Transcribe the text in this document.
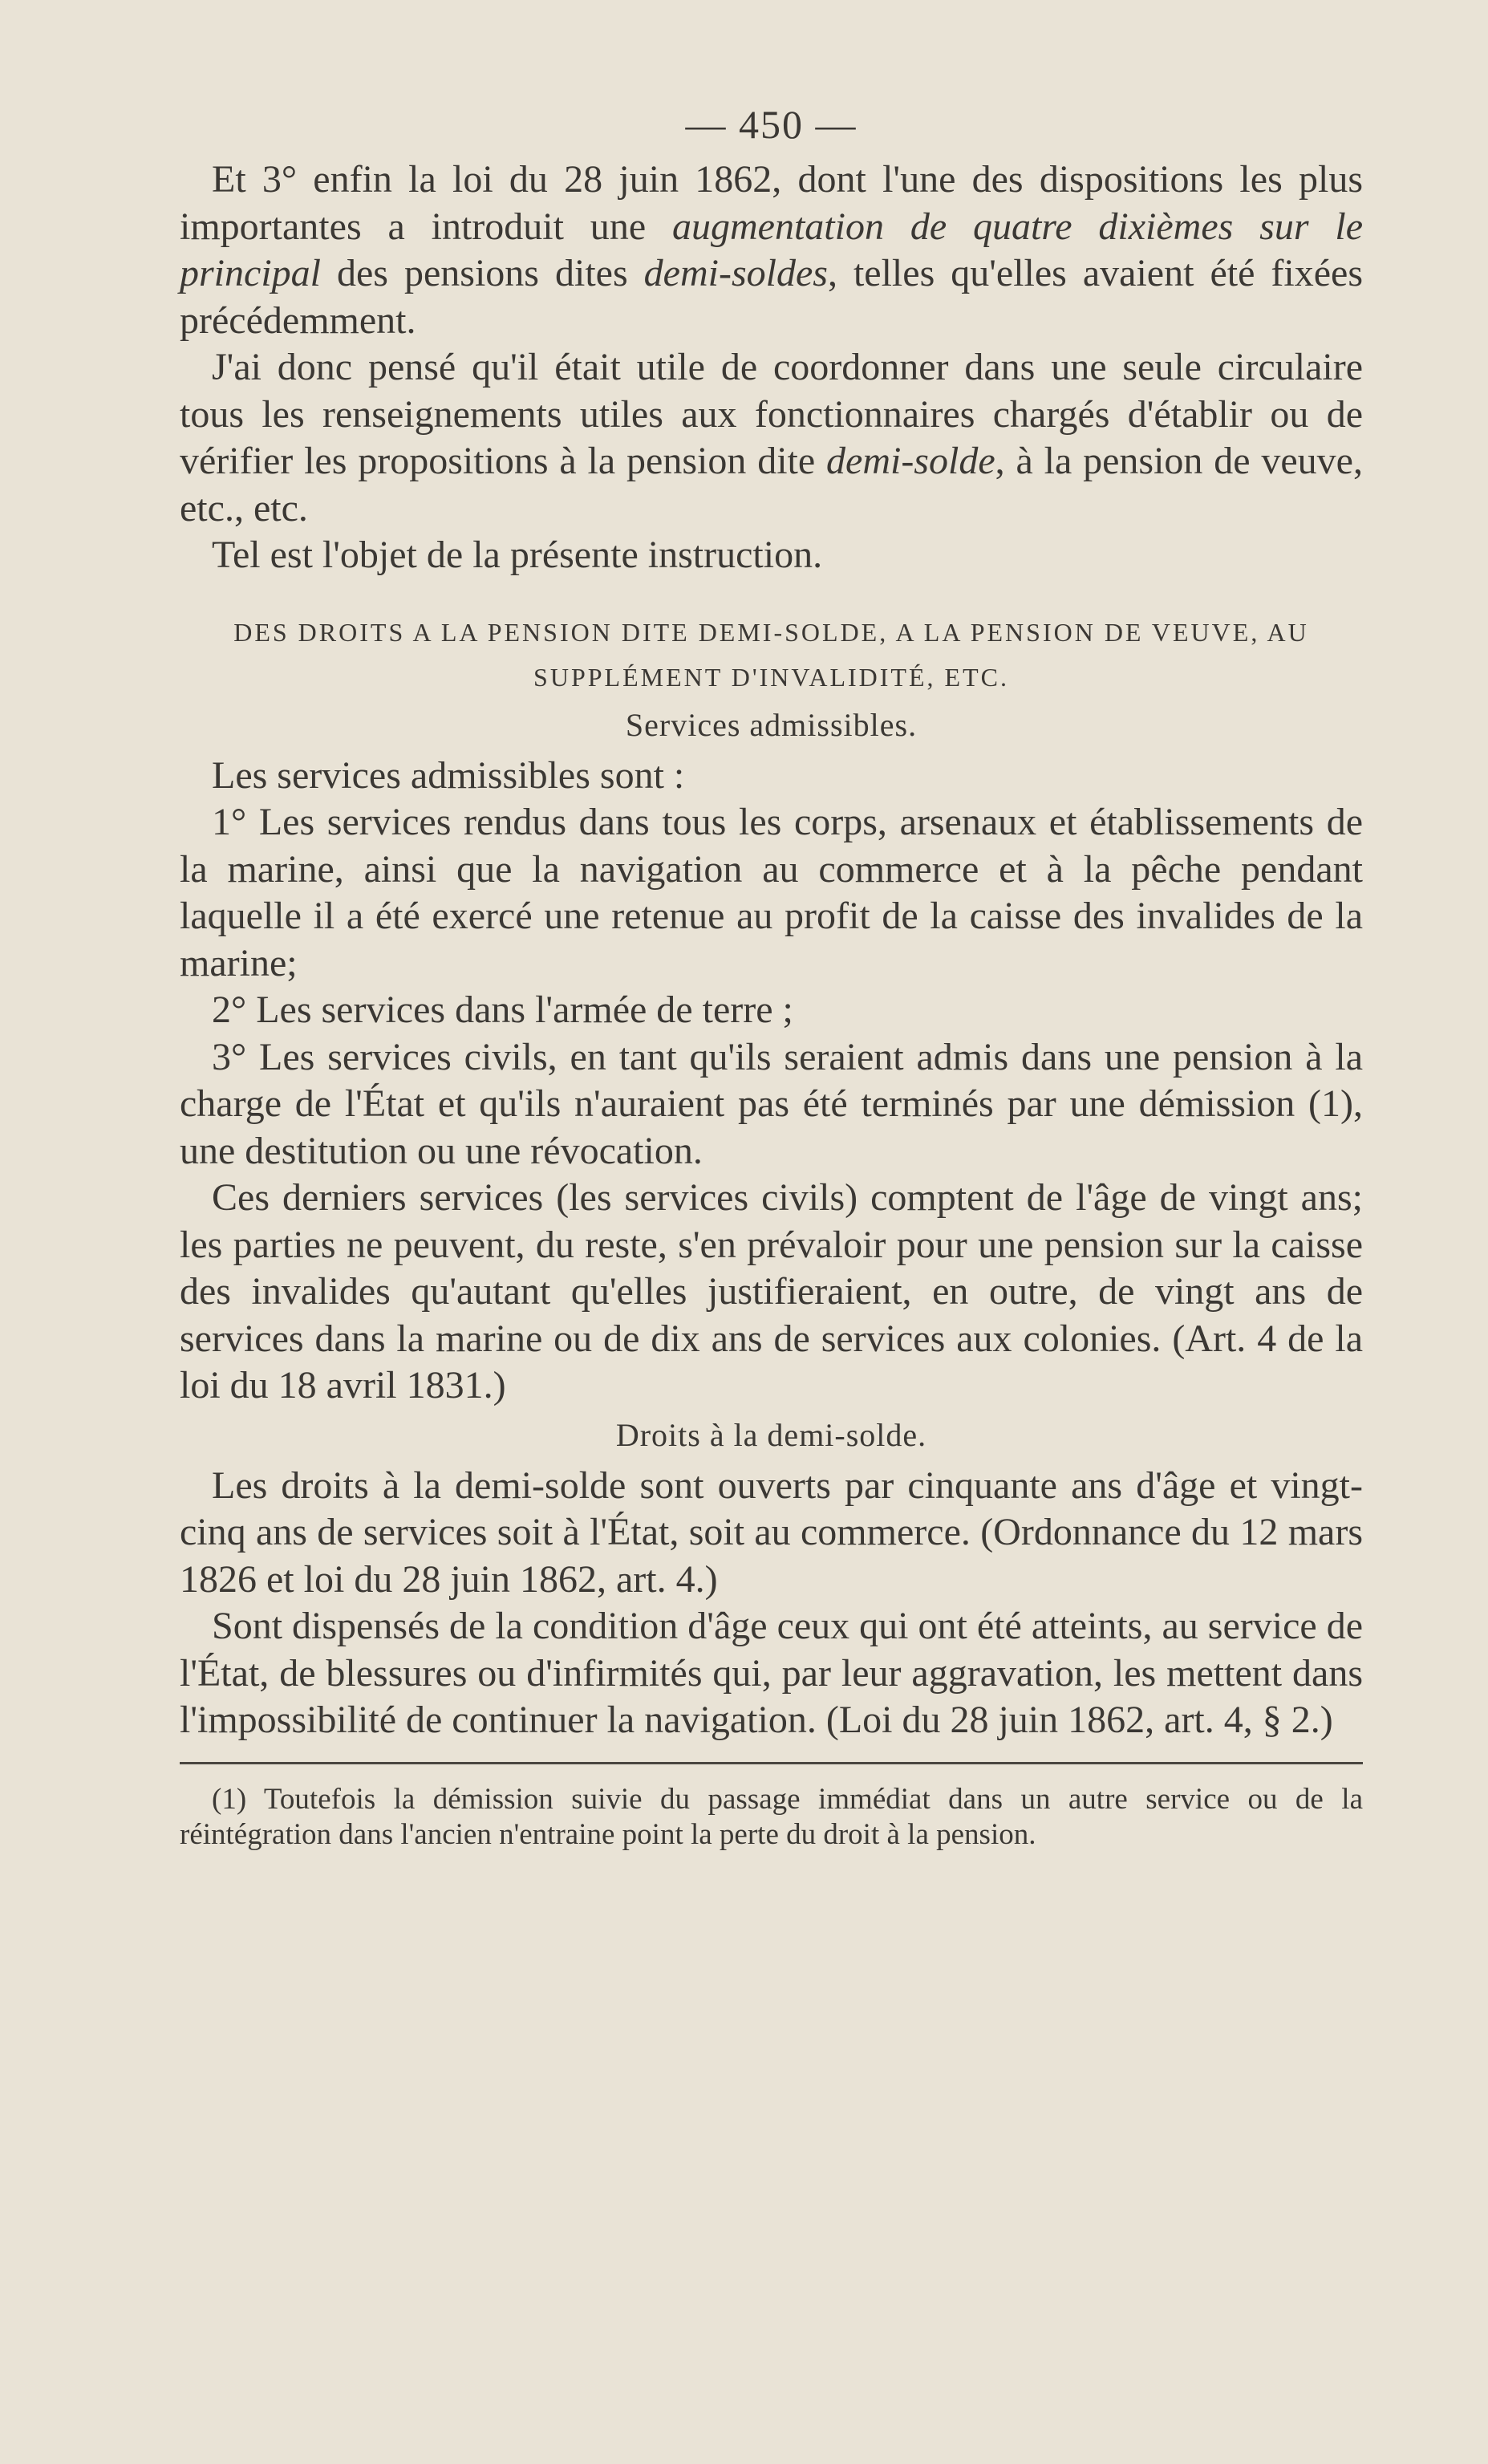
— 450 —

Et 3° enfin la loi du 28 juin 1862, dont l'une des dispositions les plus importantes a introduit une augmentation de quatre dixièmes sur le principal des pensions dites demi-soldes, telles qu'elles avaient été fixées précédemment.

J'ai donc pensé qu'il était utile de coordonner dans une seule circulaire tous les renseignements utiles aux fonctionnaires chargés d'établir ou de vérifier les propositions à la pension dite demi-solde, à la pension de veuve, etc., etc.

Tel est l'objet de la présente instruction.

DES DROITS A LA PENSION DITE DEMI-SOLDE, A LA PENSION DE VEUVE, AU SUPPLÉMENT D'INVALIDITÉ, ETC.
Services admissibles.

Les services admissibles sont :

1° Les services rendus dans tous les corps, arsenaux et établissements de la marine, ainsi que la navigation au commerce et à la pêche pendant laquelle il a été exercé une retenue au profit de la caisse des invalides de la marine;

2° Les services dans l'armée de terre ;

3° Les services civils, en tant qu'ils seraient admis dans une pension à la charge de l'État et qu'ils n'auraient pas été terminés par une démission (1), une destitution ou une révocation.

Ces derniers services (les services civils) comptent de l'âge de vingt ans; les parties ne peuvent, du reste, s'en prévaloir pour une pension sur la caisse des invalides qu'autant qu'elles justifieraient, en outre, de vingt ans de services dans la marine ou de dix ans de services aux colonies. (Art. 4 de la loi du 18 avril 1831.)

Droits à la demi-solde.

Les droits à la demi-solde sont ouverts par cinquante ans d'âge et vingt-cinq ans de services soit à l'État, soit au commerce. (Ordonnance du 12 mars 1826 et loi du 28 juin 1862, art. 4.)

Sont dispensés de la condition d'âge ceux qui ont été atteints, au service de l'État, de blessures ou d'infirmités qui, par leur aggravation, les mettent dans l'impossibilité de continuer la navigation. (Loi du 28 juin 1862, art. 4, § 2.)

(1) Toutefois la démission suivie du passage immédiat dans un autre service ou de la réintégration dans l'ancien n'entraine point la perte du droit à la pension.
